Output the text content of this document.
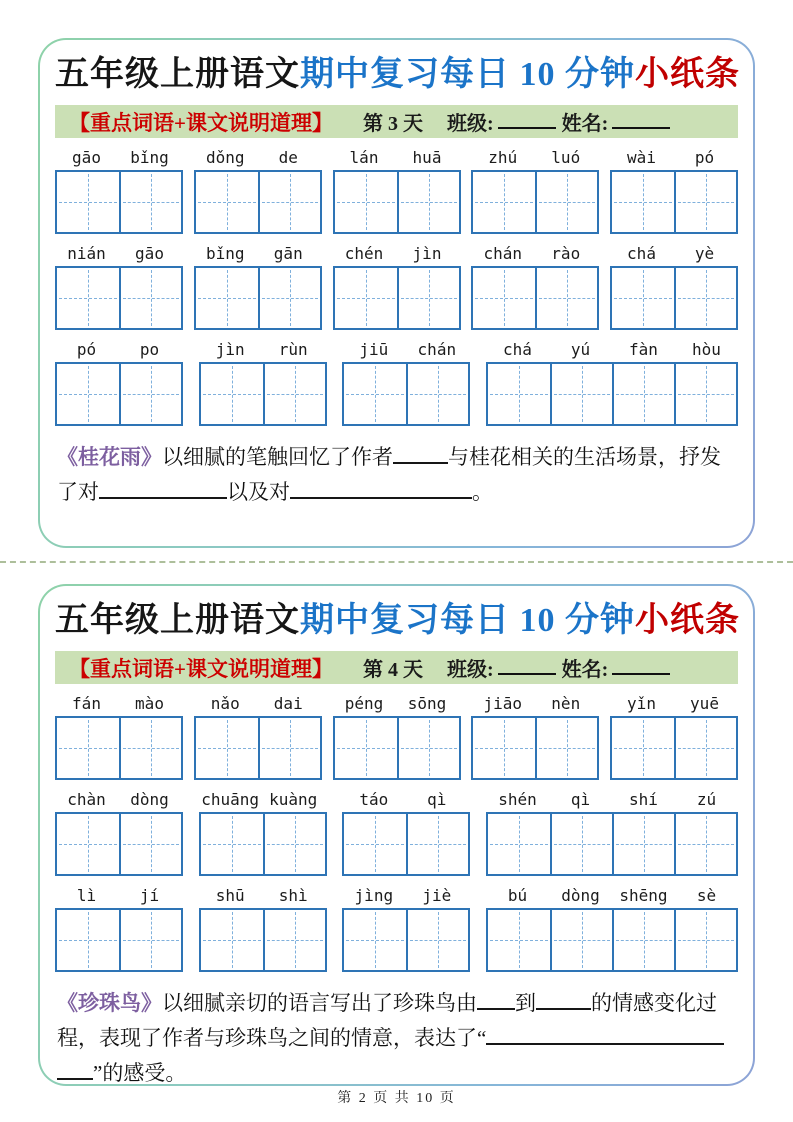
五年级上册语文期中复习每日 10 分钟小纸条
【重点词语+课文说明道理】 第 3 天 班级:	姓名:
gāo	bǐng	dǒng	de	lán	huā	zhú	luó	wài	pó
nián	gāo	bǐng	gān	chén	jìn	chán	rào	chá	yè
pó	po	jìn	rùn	jiū	chán	chá	yú	fàn	hòu
《桂花雨》以细腻的笔触回忆了作者	与桂花相关的生活场景，抒发了对	以及对	。
五年级上册语文期中复习每日 10 分钟小纸条
【重点词语+课文说明道理】 第 4 天 班级:	姓名:
fán	mào	nǎo	dai	péng	sōng	jiāo	nèn	yǐn	yuē
chàn	dòng	chuāng kuàng	táo	qì	shén	qì	shí	zú
lì	jí	shū	shì	jìng	jiè	bú	dòng	shēng	sè
《珍珠鸟》以细腻亲切的语言写出了珍珠鸟由 到	的情感变化过程，表现了作者与珍珠鸟之间的情意，表达了“”的感受。
第 2 页 共 10 页
